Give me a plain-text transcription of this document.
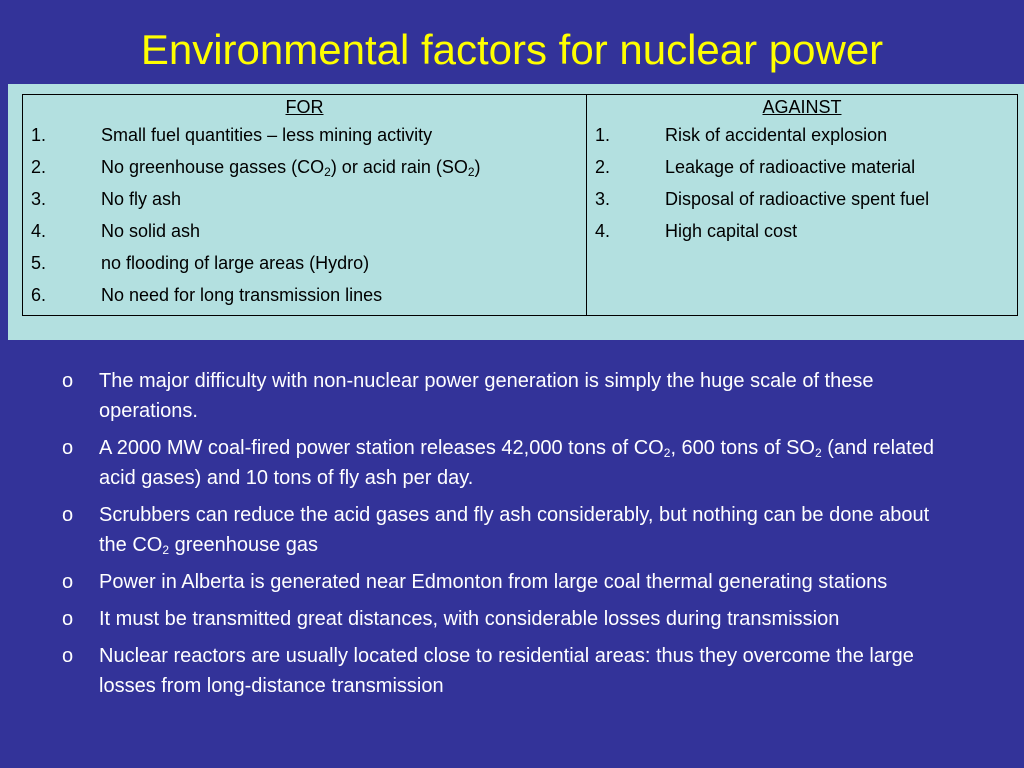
Environmental factors for nuclear power
FOR
1.	Small fuel quantities – less mining activity
2.	No greenhouse gasses $(CO_2)$ or acid rain $(SO_2)$
3.	No fly ash
4.	No solid ash
5.	no flooding of large areas (Hydro)
6.	No need for long transmission lines

AGAINST
1.	Risk of accidental explosion
2.	Leakage of radioactive material
3.	Disposal of radioactive spent fuel
4.	High capital cost
o The major difficulty with non-nuclear power generation is simply the huge scale of these operations.
o A 2000 MW coal-fired power station releases 42,000 tons of $CO_2$, 600 tons of $SO_2$ (and related acid gases) and 10 tons of fly ash per day.
o Scrubbers can reduce the acid gases and fly ash considerably, but nothing can be done about the $CO_2$ greenhouse gas
o Power in Alberta is generated near Edmonton from large coal thermal generating stations
o It must be transmitted great distances, with considerable losses during transmission
o Nuclear reactors are usually located close to residential areas: thus they overcome the large losses from long-distance transmission
